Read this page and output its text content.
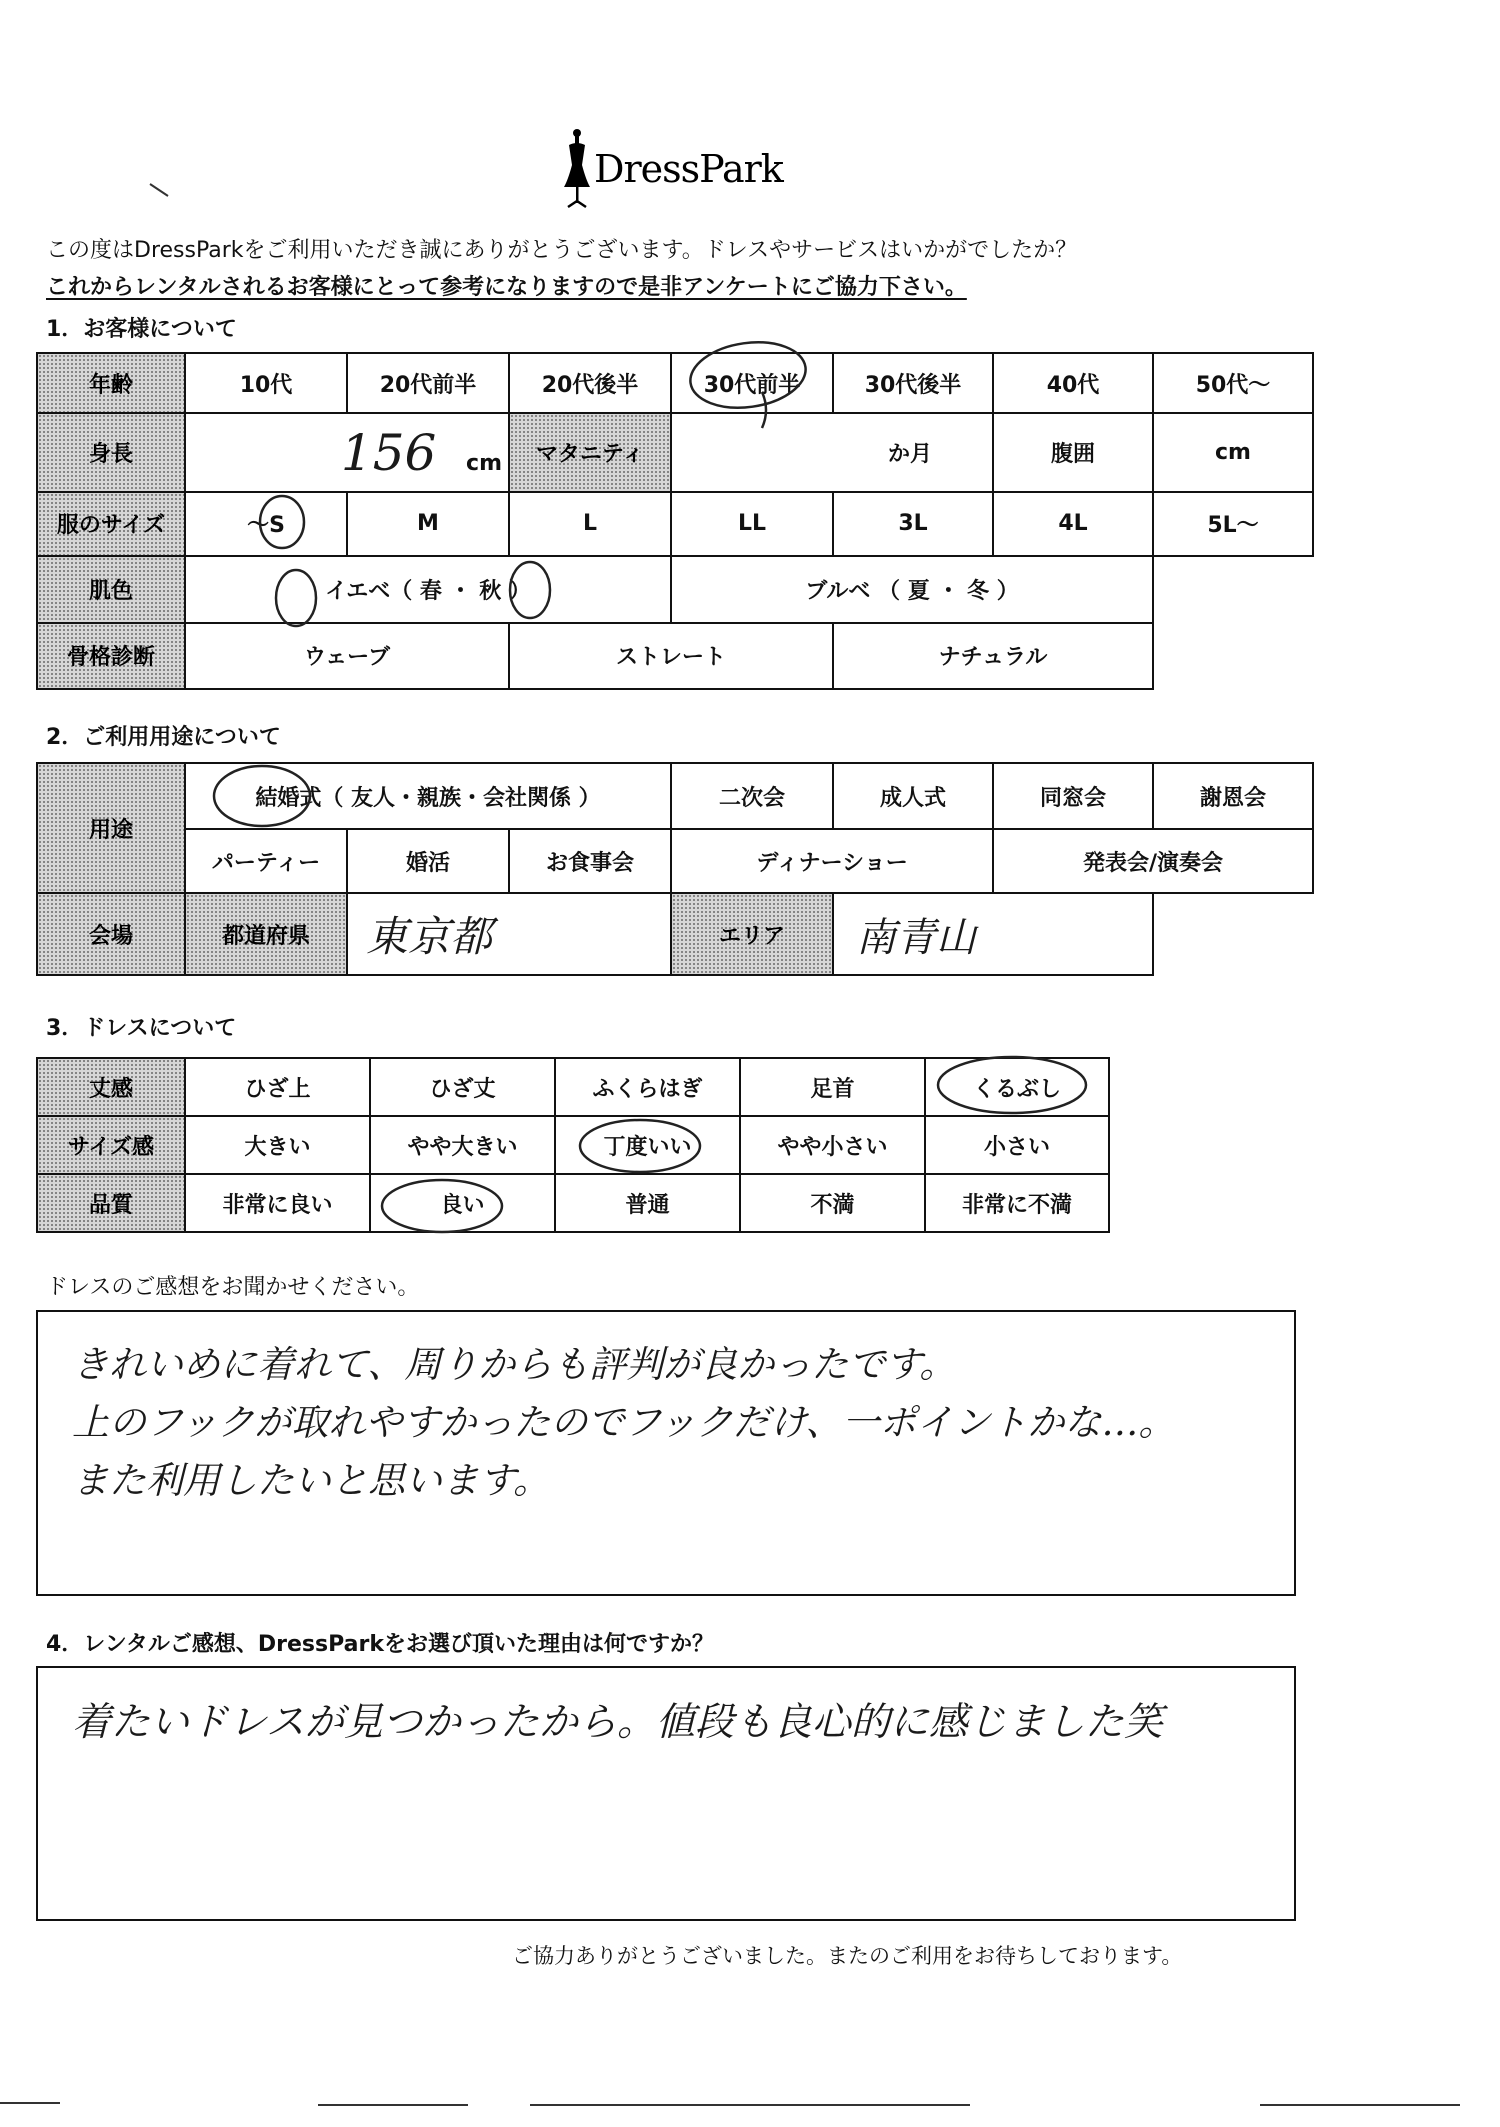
DressPark
この度はDressParkをご利用いただき誠にありがとうございます。ドレスやサービスはいかがでしたか？
これからレンタルされるお客様にとって参考になりますので是非アンケートにご協力下さい。
1．お客様について
年齢	10代	20代前半	20代後半	30代前半	30代後半	40代	50代〜
身長	156 cm		マタニティ	か月		腹囲	cm
服のサイズ	〜S	M	L	LL	3L	4L	5L〜
肌色	イエベ（ 春 ・ 秋 ）			ブルベ （ 夏 ・ 冬 ）			
骨格診断	ウェーブ		ストレート		ナチュラル		
2．ご利用用途について
用途	結婚式（ 友人・親族・会社関係 ）			二次会	成人式	同窓会	謝恩会
	パーティー	婚活	お食事会	ディナーショー		発表会/演奏会	
会場	都道府県	東京都		エリア	南青山		
3．ドレスについて
丈感	ひざ上	ひざ丈	ふくらはぎ	足首	くるぶし
サイズ感	大きい	やや大きい	丁度いい	やや小さい	小さい
品質	非常に良い	良い	普通	不満	非常に不満
ドレスのご感想をお聞かせください。
きれいめに着れて、周りからも評判が良かったです。
上のフックが取れやすかったのでフックだけ、一ポイントかな…。
また利用したいと思います。
4．レンタルご感想、DressParkをお選び頂いた理由は何ですか？
着たいドレスが見つかったから。値段も良心的に感じました笑
ご協力ありがとうございました。またのご利用をお待ちしております。
